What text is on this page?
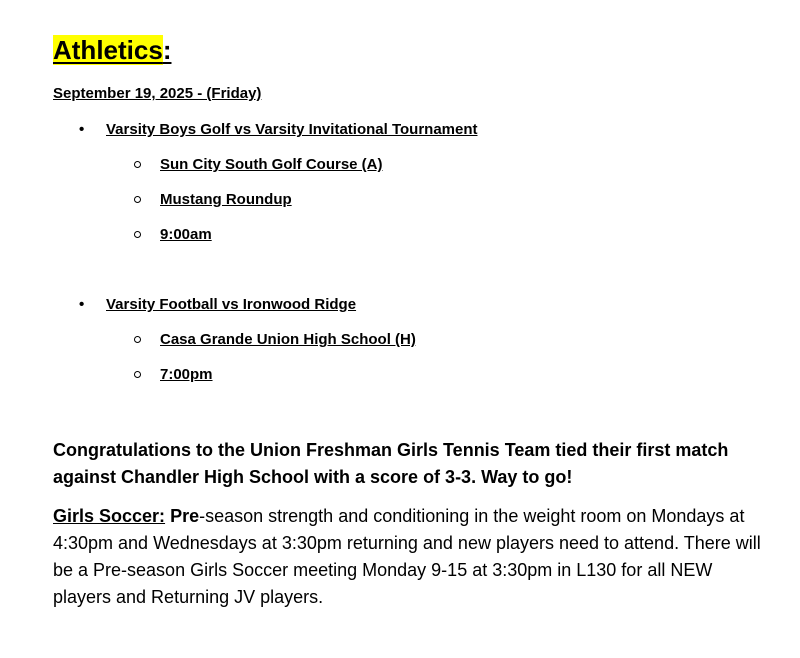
Athletics:
September 19, 2025 - (Friday)
• Varsity Boys Golf vs Varsity Invitational Tournament
Sun City South Golf Course (A)
Mustang Roundup
9:00am
• Varsity Football vs Ironwood Ridge
Casa Grande Union High School (H)
7:00pm
Congratulations to the Union Freshman Girls Tennis Team tied their first match against Chandler High School with a score of 3-3. Way to go!
Girls Soccer: Pre-season strength and conditioning in the weight room on Mondays at 4:30pm and Wednesdays at 3:30pm returning and new players need to attend. There will be a Pre-season Girls Soccer meeting Monday 9-15 at 3:30pm in L130 for all NEW players and Returning JV players.
